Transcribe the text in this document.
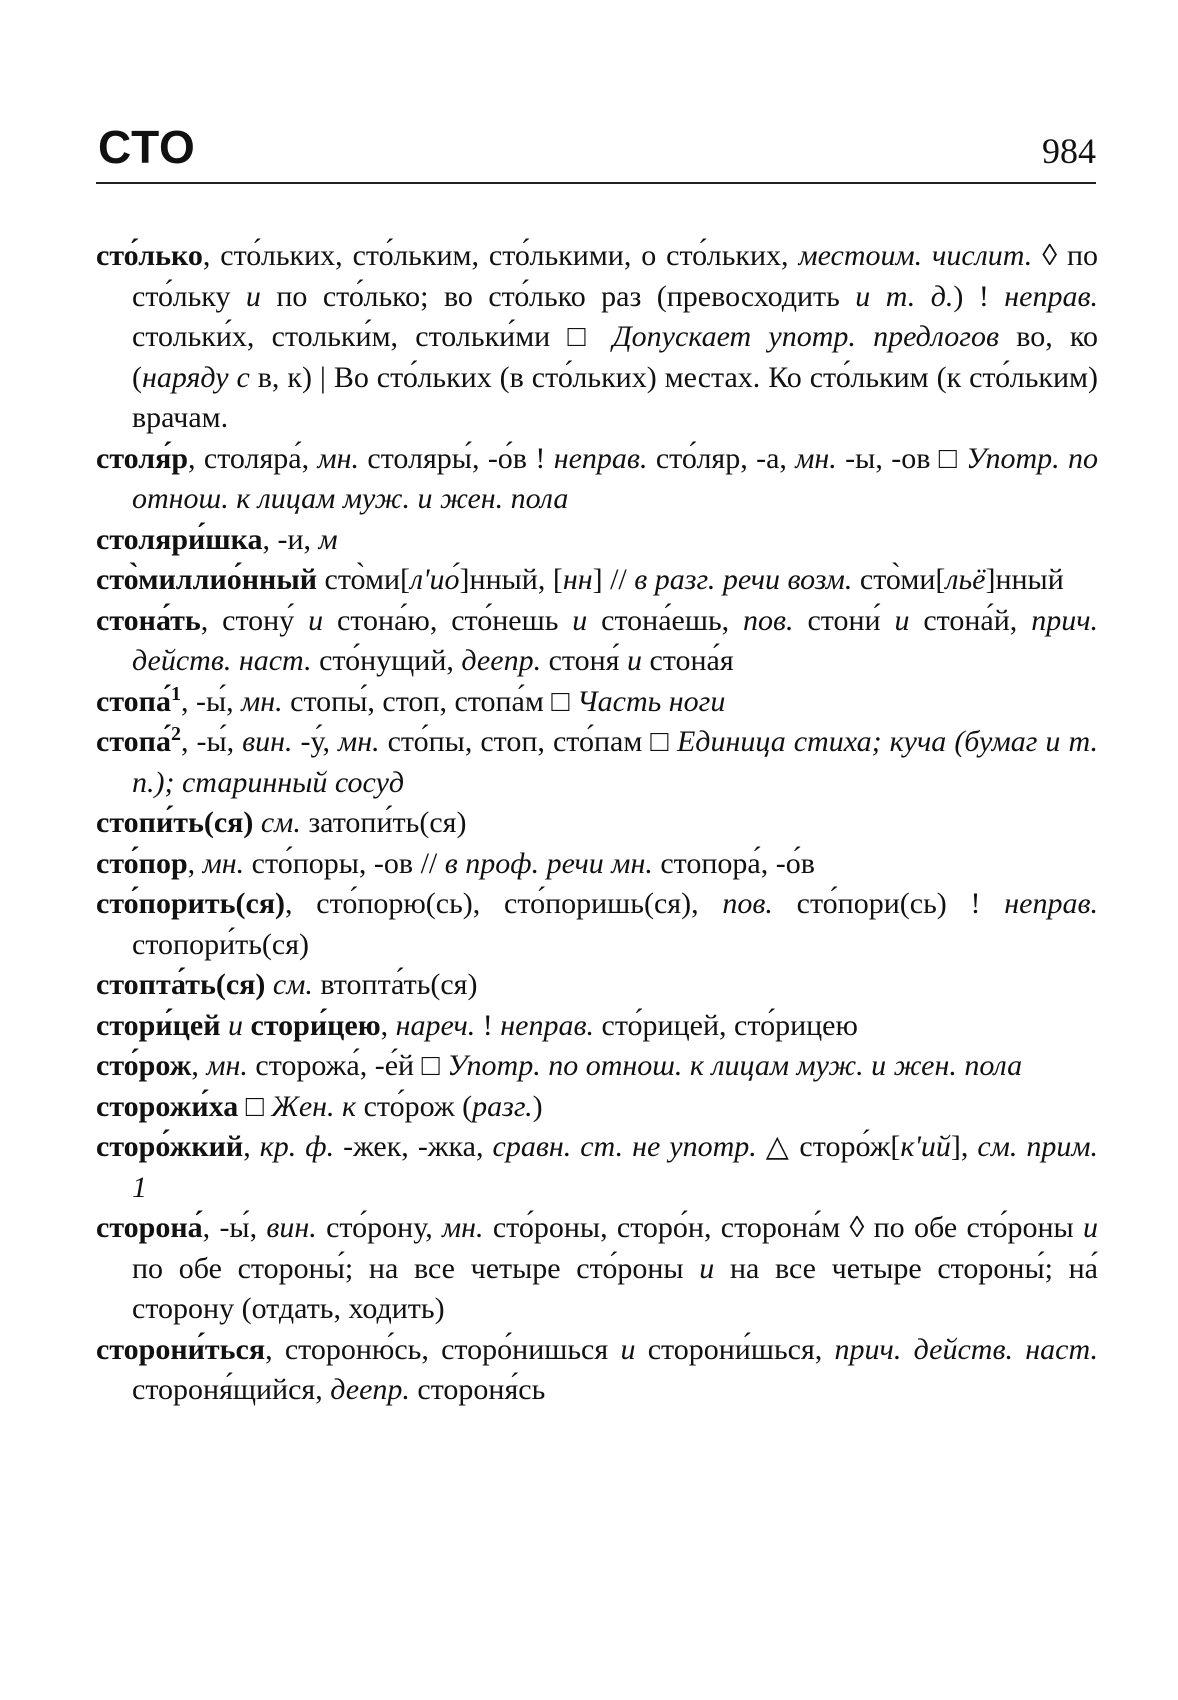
СТО	984

сто́лько, сто́льких, сто́льким, сто́лькими, о сто́льких, местоим. числит. ◊ по сто́льку и по сто́лько; во сто́лько раз (превосходить и т. д.) ! неправ. стольки́х, стольки́м, стольки́ми □ Допускает употр. предлогов во, ко (наряду с в, к) | Во сто́льких (в сто́льких) местах. Ко сто́льким (к сто́льким) врачам.

столя́р, столяра́, мн. столяры́, -о́в ! неправ. сто́ляр, -а, мн. -ы, -ов □ Употр. по отнош. к лицам муж. и жен. пола

столяри́шка, -и, м

сто̀миллио́нный сто̀ми[л'ио́]нный, [нн] // в разг. речи возм. сто̀ми[льё]нный

стона́ть, стону́ и стона́ю, сто́нешь и стона́ешь, пов. стони́ и стона́й, прич. действ. наст. сто́нущий, деепр. стоня́ и стона́я

стопа́$^1$, -ы́, мн. стопы́, стоп, стопа́м □ Часть ноги

стопа́$^2$, -ы́, вин. -у́, мн. сто́пы, стоп, сто́пам □ Единица стиха; куча (бумаг и т. п.); старинный сосуд

стопи́ть(ся) см. затопи́ть(ся)

сто́пор, мн. сто́поры, -ов // в проф. речи мн. стопора́, -о́в

сто́порить(ся), сто́порю(сь), сто́поришь(ся), пов. сто́пори(сь) ! неправ. стопори́ть(ся)

стопта́ть(ся) см. втопта́ть(ся)

стори́цей и стори́цею, нареч. ! неправ. сто́рицей, сто́рицею

сто́рож, мн. сторожа́, -е́й □ Употр. по отнош. к лицам муж. и жен. пола

сторожи́ха □ Жен. к сто́рож (разг.)

сторо́жкий, кр. ф. -жек, -жка, сравн. ст. не употр. △ сторо́ж[к'ий], см. прим. 1

сторона́, -ы́, вин. сто́рону, мн. сто́роны, сторо́н, сторона́м ◊ по обе сто́роны и по обе стороны́; на все четыре сто́роны и на все четыре стороны́; на́ сторону (отдать, ходить)

сторони́ться, стороню́сь, сторо́нишься и сторони́шься, прич. действ. наст. стороня́щийся, деепр. стороня́сь
